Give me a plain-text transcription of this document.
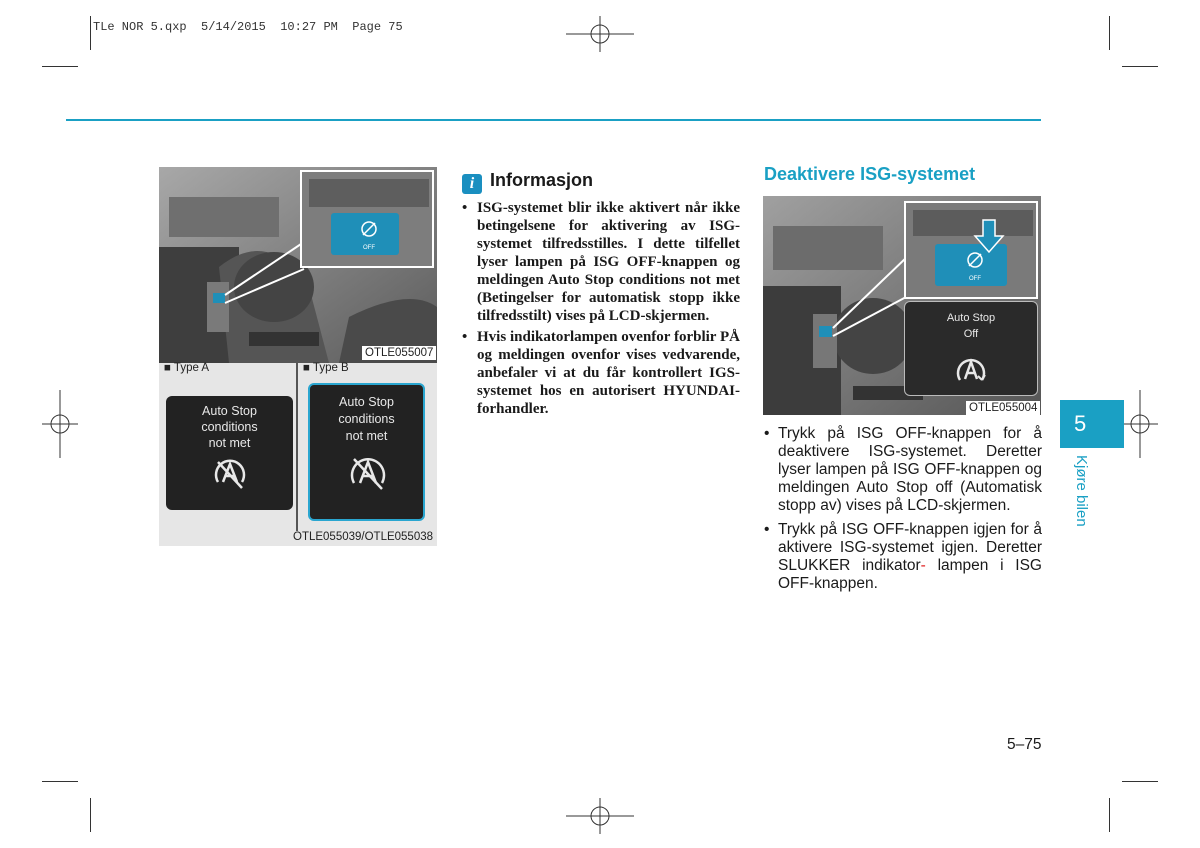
TLe NOR 5.qxp  5/14/2015  10:27 PM  Page 75
OFF
OTLE055007
■ Type A	■ Type B
Auto Stop
conditions
not met
Auto Stop
conditions
not met
OTLE055039/OTLE055038
i Informasjon
• ISG-systemet blir ikke aktivert når ikke betingelsene for aktivering av ISG-systemet tilfredsstilles. I dette tilfellet lyser lampen på ISG OFF-knappen og meldingen Auto Stop conditions not met (Betingelser for automatisk stopp ikke tilfredsstilt) vises på LCD-skjermen.
• Hvis indikatorlampen ovenfor forblir PÅ og meldingen ovenfor vises vedvarende, anbefaler vi at du får kontrollert IGS-systemet hos en autorisert HYUNDAI-forhandler.
Deaktivere ISG-systemet
OFF
Auto Stop
Off
OTLE055004
• Trykk på ISG OFF-knappen for å deaktivere ISG-systemet. Deretter lyser lampen på ISG OFF-knappen og meldingen Auto Stop off (Automatisk stopp av) vises på LCD-skjermen.
• Trykk på ISG OFF-knappen igjen for å aktivere ISG-systemet igjen. Deretter SLUKKER indikator- lampen i ISG OFF-knappen.
5
Kjøre bilen
5–75
